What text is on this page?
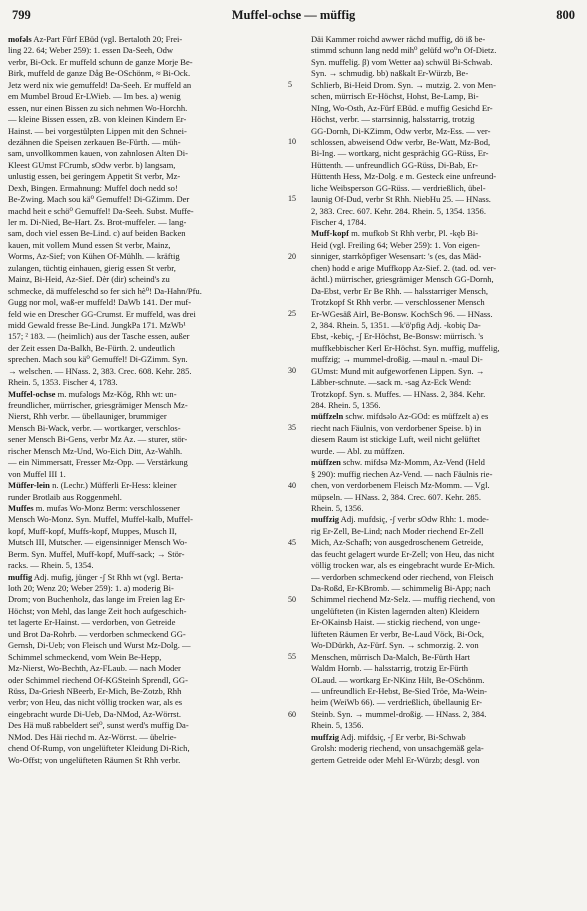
799	Muffel-ochse — müffig	800
mofəls Az-Part Fürf EBüd (vgl. Bertaloth 20; Frei-
ling 22. 64; Weber 259): 1. essen Da-Seeh, Odw
verbr, Bi-Ock. Er muffeld schunn de ganze Morje Be-
Birk, muffeld de ganze Dåg Be-OSchönm, ≈ Bi-Ock.
Jetz werd nix wie gemuffeld! Da-Seeh. Er muffeld an
em Mumbel Broud Er-LWieb. — Im bes. a) wenig
essen, nur einen Bissen zu sich nehmen Wo-Horchh.
— kleine Bissen essen, zB. von kleinen Kindern Er-
Hainst. — bei vorgestülpten Lippen mit den Schnei-
dezähnen die Speisen zerkauen Be-Fürth. — müh-
sam, unvollkommen kauen, von zahnlosen Alten Di-
Kleest GUmst FCrumb, sOdw verbr. b) langsam,
unlustig essen, bei geringem Appetit St verbr, Mz-
Dexh, Bingen. Ermahnung: Muffel doch nedd so!
Be-Zwing. Mach sou kä⁰ Gemuffel! Di-GZimm. Der
machd heit e schö⁰ Gemuffel! Da-Seeh. Subst. Muffe-
ler m. Di-Nied, Be-Hart. Zs. Brot-muffeler. — lang-
sam, doch viel essen Be-Lind. c) auf beiden Backen
kauen, mit vollem Mund essen St verbr, Mainz,
Worms, Az-Sief; von Kühen Of-Mühlh. — kräftig
zulangen, tüchtig einhauen, gierig essen St verbr,
Mainz, Bi-Heid, Az-Sief. Dèr (dir) scheind's zu
schmecke, dä muffeleschd so fer sich hè⁰! Da-Hahn/Pfu.
Gugg nor mol, waß-er muffeld! DaWb 141. Der muf-
feld wie en Drescher GG-Crumst. Er muffeld, was drei
midd Gewald fresse Be-Lind. JungkPa 171. MzWb¹
157; ² 183. — (heimlich) aus der Tasche essen, außer
der Zeit essen Da-Balkh, Be-Fürth. 2. undeutlich
sprechen. Mach sou kä⁰ Gemuffel! Di-GZimm. Syn.
→ welschen. — HNass. 2, 383. Crec. 608. Kehr. 285.
Rhein. 5, 1353. Fischer 4, 1783.
Muffel-ochse m. mufəlogs Mz-Kög, Rhh wt: un-
freundlicher, mürrischer, griesgrämiger Mensch Mz-
Nierst, Rhh verbr. — übellauniger, brummiger
Mensch Bi-Wack, verbr. — wortkarger, verschlos-
sener Mensch Bi-Gens, verbr Mz Az. — sturer, stör-
rischer Mensch Mz-Und, Wo-Eich Ditt, Az-Wahlh.
— ein Nimmersatt, Fresser Mz-Opp. — Verstärkung
von Muffel III 1.
Müffer-lein n. (Lechr.) Müfferli Er-Hess: kleiner
runder Brotlaib aus Roggenmehl.
Muffes m. mufəs Wo-Monz Berm: verschlossener
Mensch Wo-Monz. Syn. Muffel, Muffel-kalb, Muffel-
kopf, Muff-kopf, Muffs-kopf, Muppes, Musch II,
Mutsch III, Mutscher. — eigensinniger Mensch Wo-
Berm. Syn. Muffel, Muff-kopf, Muff-sack; → Stör-
racks. — Rhein. 5, 1354.
muffig Adj. mufig, jünger -ʃ St Rhh wt (vgl. Berta-
loth 20; Wenz 20; Weber 259): 1. a) moderig Bi-
Drom; von Buchenholz, das lange im Freien lag Er-
Höchst; von Mehl, das lange Zeit hoch aufgeschich-
tet lagerte Er-Hainst. — verdorben, von Getreide
und Brot Da-Rohrb. — verdorben schmeckend GG-
Gernsh, Di-Ueb; von Fleisch und Wurst Mz-Dolg. —
Schimmel schmeckend, vom Wein Be-Hepp,
Mz-Nierst, Wo-Bechth, Az-FLaub. — nach Moder
oder Schimmel riechend Of-KGSteinh Sprendl, GG-
Rüss, Da-Griesh NBeerb, Er-Mich, Be-Zotzb, Rhh
verbr; von Heu, das nicht völlig trocken war, als es
eingebracht wurde Di-Ueb, Da-NMod, Az-Wörrst.
Des Hä muß rabbeldert sei⁰, sunst werd's muffig Da-
NMod. Des Häi riechd m. Az-Wörrst. — übelrie-
chend Of-Rump, von ungelüfteter Kleidung Di-Rich,
Wo-Offst; von ungelüfteten Räumen St Rhh verbr.
5
10
15
20
25
30
35
40
45
50
55
60
Däi Kammer roichd awwer rächd muffig, dö iß be-
stimmd schunn lang nedd mih⁰ gelüfd wo⁰n Of-Dietz.
Syn. muffelig. β) vom Wetter aa) schwül Bi-Schwab.
Syn. → schmudig. bb) naßkalt Er-Würzb, Be-
Schlierb, Bi-Heid Drom. Syn. → mutzig. 2. von Men-
schen, mürrisch Er-Höchst, Hohst, Be-Lamp, Bi-
NIng, Wo-Osth, Az-Fürf EBüd. e muffig Gesichd Er-
Höchst, verbr. — starrsinnig, halsstarrig, trotzig
GG-Dornh, Di-KZimm, Odw verbr, Mz-Ess. — ver-
schlossen, abweisend Odw verbr, Be-Watt, Mz-Bod,
Bi-Ing. — wortkarg, nicht gesprächig GG-Rüss, Er-
Hüttenth. — unfreundlich GG-Rüss, Di-Bab, Er-
Hüttenth Hess, Mz-Dolg. e m. Gesteck eine unfreund-
liche Weibsperson GG-Rüss. — verdrießlich, übel-
launig Of-Dud, verbr St Rhh. NiebHu 25. — HNass.
2, 383. Crec. 607. Kehr. 284. Rhein. 5, 1354. 1356.
Fischer 4, 1784.
Muff-kopf m. mufkob St Rhh verbr, Pl. -kęb Bi-
Heid (vgl. Freiling 64; Weber 259): 1. Von eigen-
sinniger, starrköpfiger Wesensart: 's (es, das Mäd-
chen) hodd e arige Muffkopp Az-Sief. 2. (tad. od. ver-
ächtl.) mürrischer, griesgrämiger Mensch GG-Dornh,
Da-Ebst, verbr Er Be Rhh. — halsstarriger Mensch,
Trotzkopf St Rhh verbr. — verschlossener Mensch
Er-WGesäß Airl, Be-Bonsw. KochSch 96. — HNass.
2, 384. Rhein. 5, 1351. —k'ö'pfig Adj. -kobiç Da-
Ebst, -kebiç, -ʃ Er-Höchst, Be-Bonsw: mürrisch. 's
muffkebbischer Kerl Er-Höchst. Syn. muffig, muffelig,
muffzig; → mummel-droßig. —maul n. -maul Di-
GUmst: Mund mit aufgeworfenen Lippen. Syn. →
Lä̈bber-schnute. —sack m. -sag Az-Eck Wend:
Trotzkopf. Syn. s. Muffes. — HNass. 2, 384. Kehr.
284. Rhein. 5, 1356.
müffzeln schw. mifdsəlo Az-GOd: es müffzelt a) es
riecht nach Fäulnis, von verdorbener Speise. b) in
diesem Raum ist stickige Luft, weil nicht gelüftet
wurde. — Abl. zu müffzen.
müffzen schw. mifdsə Mz-Momm, Az-Vend (Held
§ 290): muffig riechen Az-Vend. — nach Fäulnis rie-
chen, von verdorbenem Fleisch Mz-Momm. — Vgl.
müpseln. — HNass. 2, 384. Crec. 607. Kehr. 285.
Rhein. 5, 1356.
muffzig Adj. mufdsiç, -ʃ verbr sOdw Rhh: 1. mode-
rig Er-Zell, Be-Lind; nach Moder riechend Er-Zell
Mich, Az-Schafh; von ausgedroschenem Getreide,
das feucht gelagert wurde Er-Zell; von Heu, das nicht
völlig trocken war, als es eingebracht wurde Er-Mich.
— verdorben schmeckend oder riechend, von Fleisch
Da-Roßd, Er-KBromb. — schimmelig Bi-App; nach
Schimmel riechend Mz-Selz. — muffig riechend, von
ungelüfteten (in Kisten lagernden alten) Kleidern
Er-OKainsb Haist. — stickig riechend, von unge-
lüfteten Räumen Er verbr, Be-Laud Vöck, Bi-Ock,
Wo-DDürkh, Az-Fürf. Syn. → schmorzig. 2. von
Menschen, mürrisch Da-Malch, Be-Fürth Hart
Waldm Hornb. — halsstarrig, trotzig Er-Fürth
OLaud. — wortkarg Er-NKinz Hilt, Be-OSchönm.
— unfreundlich Er-Hebst, Be-Sied Tröe, Ma-Wein-
heim (WeiWb 66). — verdrießlich, übellaunig Er-
Steinb. Syn. → mummel-droßig. — HNass. 2, 384.
Rhein. 5, 1356.
muffzig Adj. mifdsiç, -ʃ Er verbr, Bi-Schwab
Grolsh: moderig riechend, von unsachgemäß gela-
gertem Getreide oder Mehl Er-Würzb; desgl. von
